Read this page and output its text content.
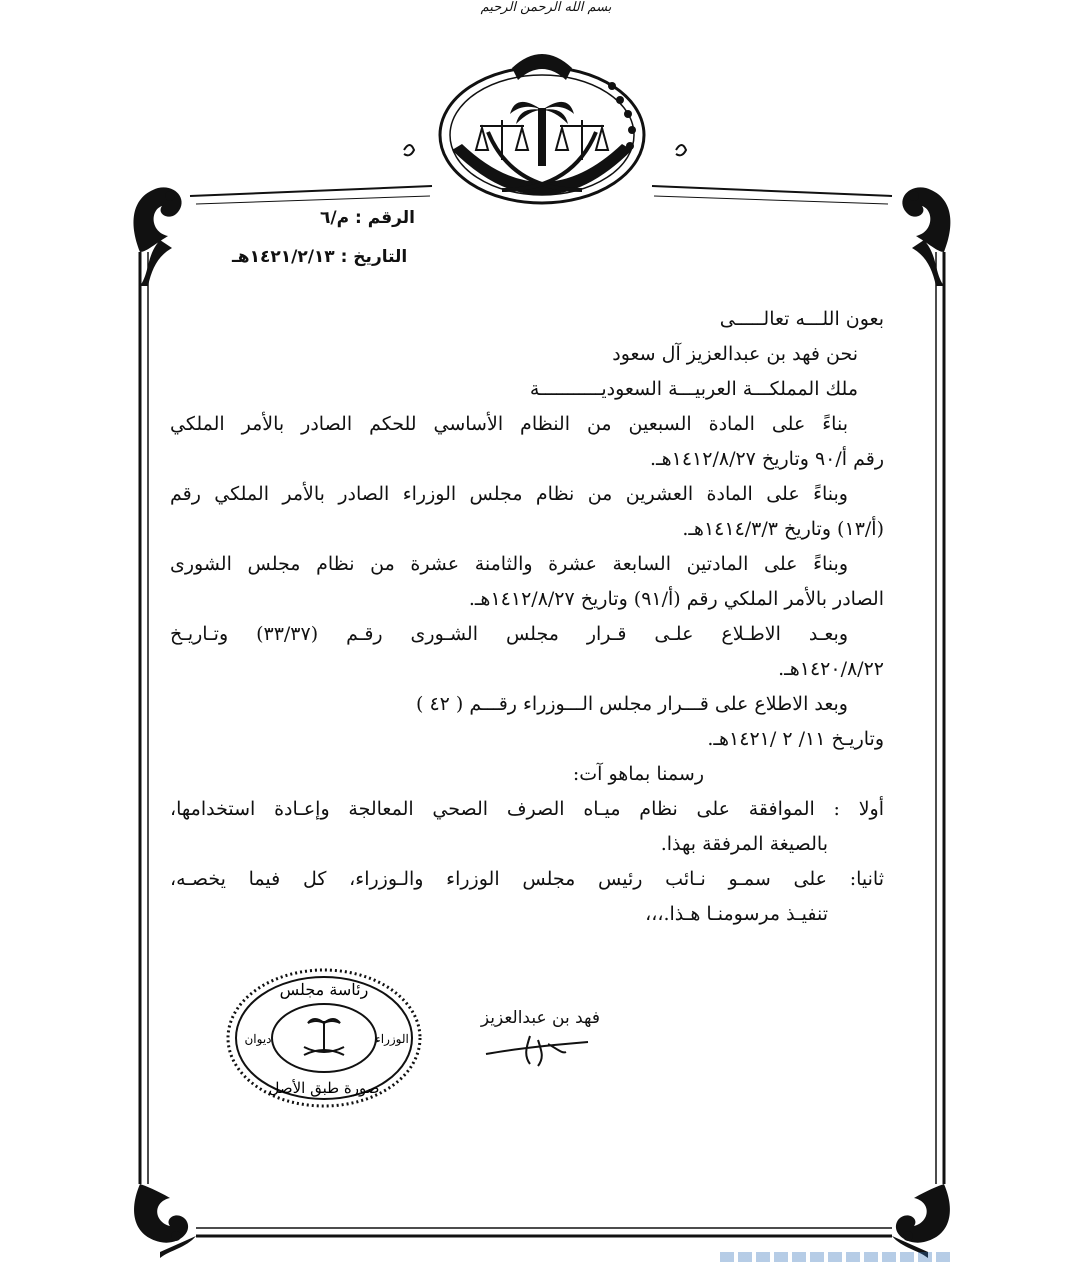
بسم الله الرحمن الرحيم
الرقم : م/٦
التاريخ : ١٤٢١/٢/١٣هـ

بعون اللـــه تعالـــــى

نحن فهد بن عبدالعزيز آل سعود

ملك المملكـــة العربيـــة السعوديـــــــــــة

بناءً على المادة السبعين من النظام الأساسي للحكم الصادر بالأمر الملكي

رقم أ/٩٠ وتاريخ ١٤١٢/٨/٢٧هـ.

وبناءً على المادة العشرين من نظام مجلس الوزراء الصادر بالأمر الملكي رقم

(أ/١٣) وتاريخ ١٤١٤/٣/٣هـ.

وبناءً على المادتين السابعة عشرة والثامنة عشرة من نظام مجلس الشورى

الصادر بالأمر الملكي رقم (أ/٩١) وتاريخ ١٤١٢/٨/٢٧هـ.

وبعـد الاطـلاع علـى قـرار مجلس الشـورى رقـم (٣٣/٣٧) وتـاريـخ

١٤٢٠/٨/٢٢هـ.

وبعد الاطلاع على قـــرار مجلس الـــوزراء رقـــم ( ٤٢ )

وتاريـخ ١١/ ٢ /١٤٢١هـ.

رسمنا بماهو آت:

أولا : الموافقة على نظام ميـاه الصرف الصحي المعالجة وإعـادة استخدامها،

بالصيغة المرفقة بهذا.

ثانيا: على سمـو نـائب رئيس مجلس الوزراء والـوزراء، كل فيما يخصـه،

تنفيـذ مرسومنـا هـذا.،،،

رئاسة مجلس
ديوان	الوزراء
صورة طبق الأصل
فهد بن عبدالعزيز
